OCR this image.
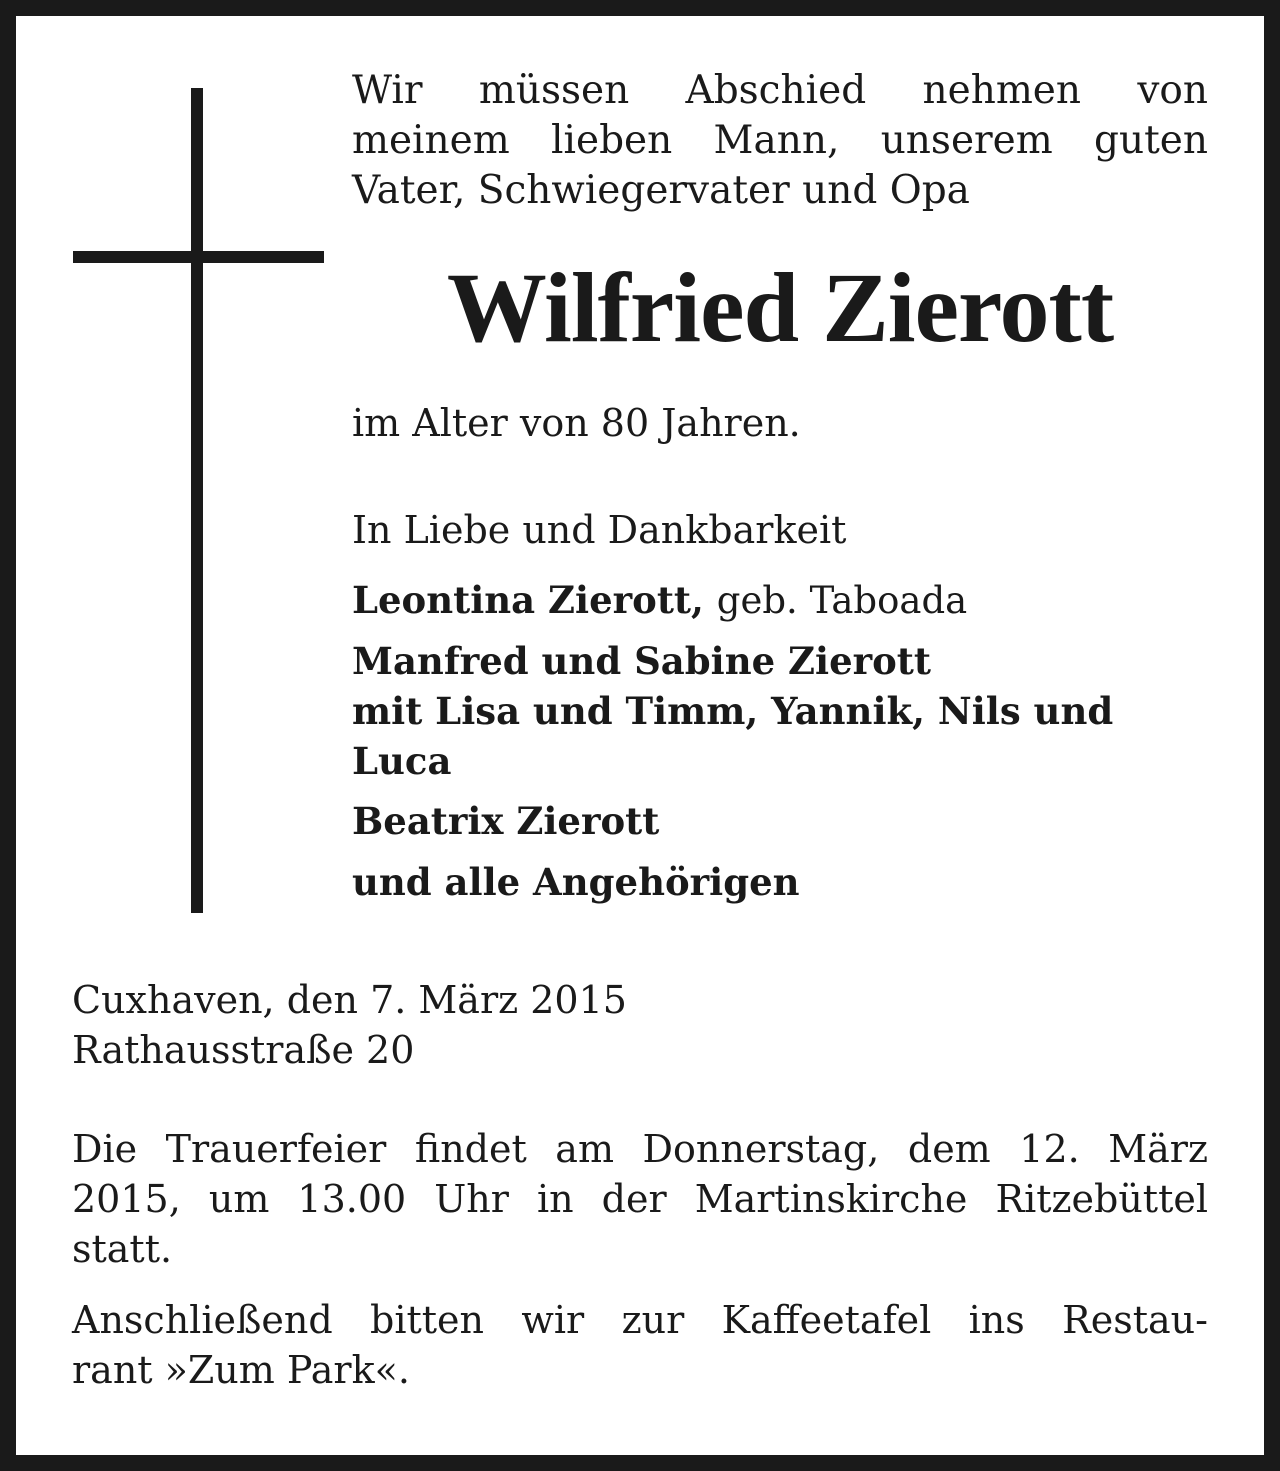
Wir müssen Abschied nehmen von
meinem lieben Mann, unserem guten
Vater, Schwiegervater und Opa
Wilfried Zierott
im Alter von 80 Jahren.
In Liebe und Dankbarkeit
Leontina Zierott, geb. Taboada
Manfred und Sabine Zierott
mit Lisa und Timm, Yannik, Nils und
Luca
Beatrix Zierott
und alle Angehörigen
Cuxhaven, den 7. März 2015
Rathausstraße 20
Die Trauerfeier findet am Donnerstag, dem 12. März
2015, um 13.00 Uhr in der Martinskirche Ritzebüttel
statt.
Anschließend bitten wir zur Kaffeetafel ins Restau-
rant »Zum Park«.
